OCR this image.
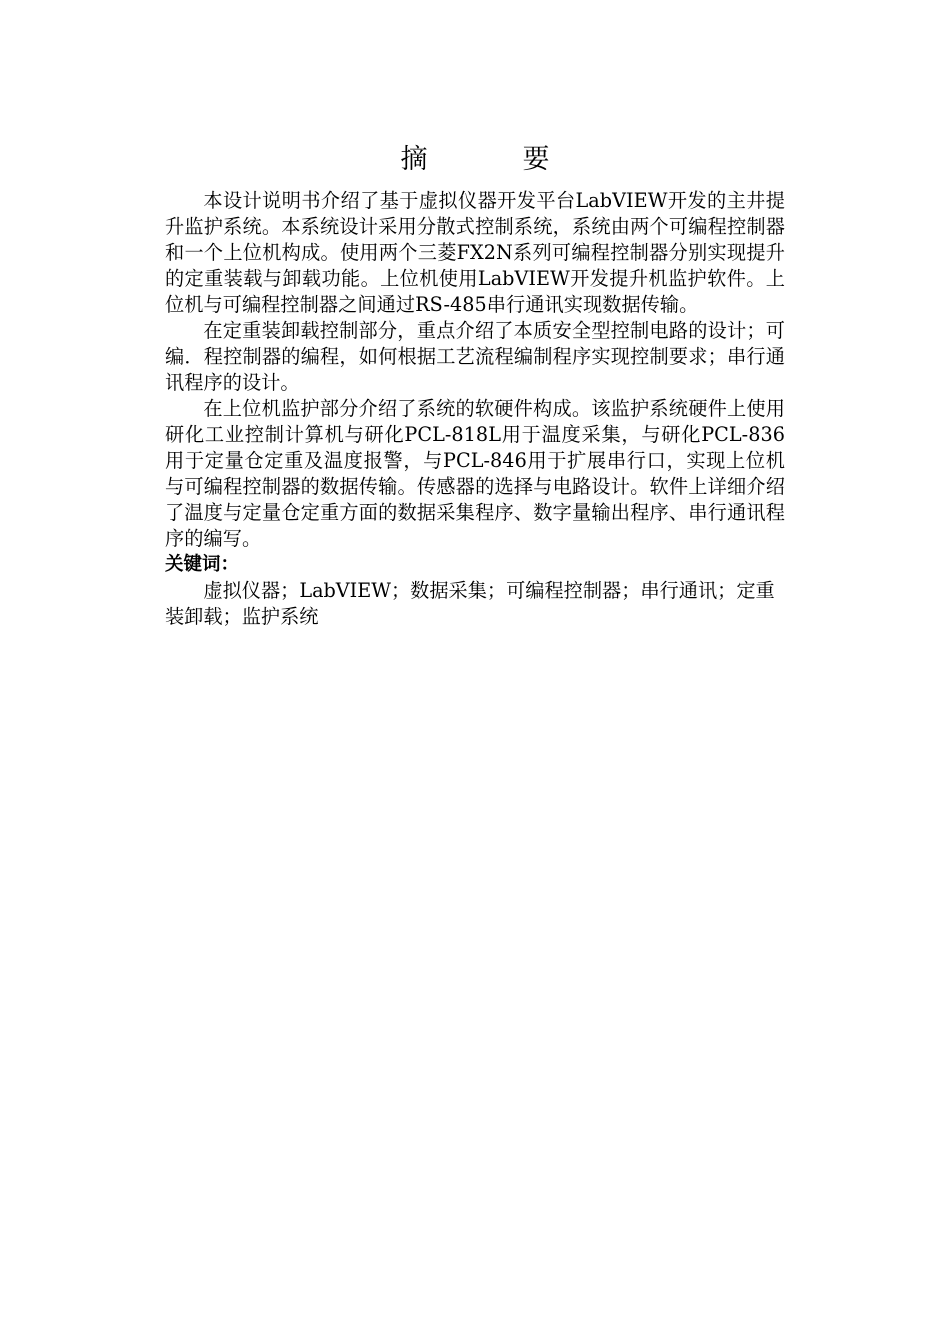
摘 要

本设计说明书介绍了基于虚拟仪器开发平台LabVIEW开发的主井提升监护系统。本系统设计采用分散式控制系统，系统由两个可编程控制器和一个上位机构成。使用两个三菱FX2N系列可编程控制器分别实现提升的定重装载与卸载功能。上位机使用LabVIEW开发提升机监护软件。上位机与可编程控制器之间通过RS-485串行通讯实现数据传输。

在定重装卸载控制部分，重点介绍了本质安全型控制电路的设计；可编．程控制器的编程，如何根据工艺流程编制程序实现控制要求；串行通讯程序的设计。

在上位机监护部分介绍了系统的软硬件构成。该监护系统硬件上使用研化工业控制计算机与研化PCL-818L用于温度采集，与研化PCL-836用于定量仓定重及温度报警，与PCL-846用于扩展串行口，实现上位机与可编程控制器的数据传输。传感器的选择与电路设计。软件上详细介绍了温度与定量仓定重方面的数据采集程序、数字量输出程序、串行通讯程序的编写。

关键词：

虚拟仪器；LabVIEW；数据采集；可编程控制器；串行通讯；定重装卸载；监护系统
